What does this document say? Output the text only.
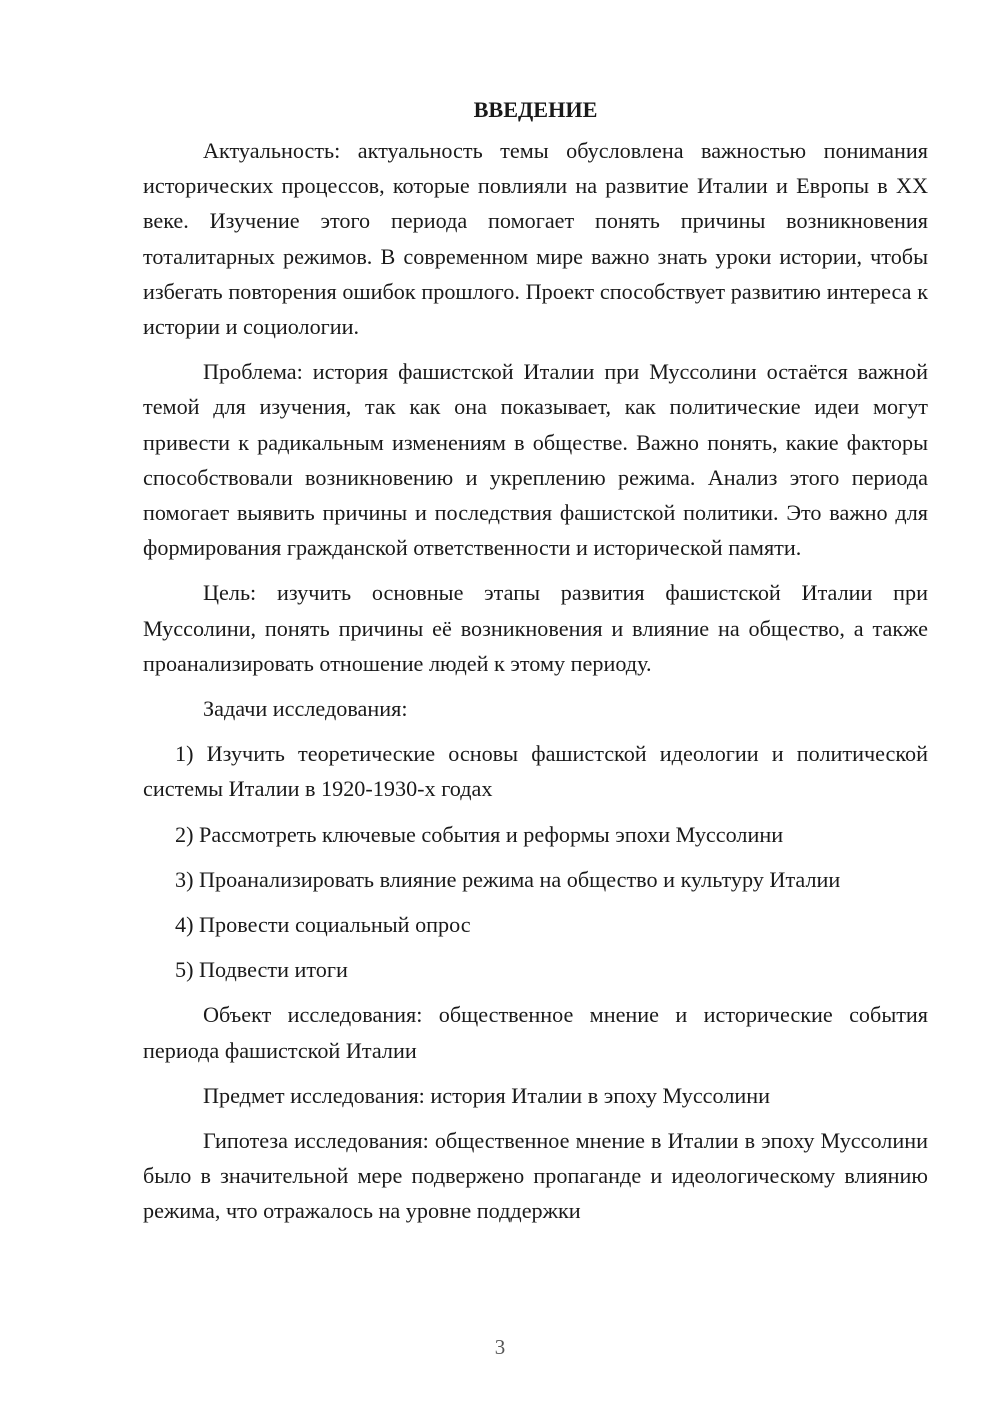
ВВЕДЕНИЕ

Актуальность: актуальность темы обусловлена важностью понимания исторических процессов, которые повлияли на развитие Италии и Европы в XX веке. Изучение этого периода помогает понять причины возникновения тоталитарных режимов. В современном мире важно знать уроки истории, чтобы избегать повторения ошибок прошлого. Проект способствует развитию интереса к истории и социологии.

Проблема: история фашистской Италии при Муссолини остаётся важной темой для изучения, так как она показывает, как политические идеи могут привести к радикальным изменениям в обществе. Важно понять, какие факторы способствовали возникновению и укреплению режима. Анализ этого периода помогает выявить причины и последствия фашистской политики. Это важно для формирования гражданской ответственности и исторической памяти.

Цель: изучить основные этапы развития фашистской Италии при Муссолини, понять причины её возникновения и влияние на общество, а также проанализировать отношение людей к этому периоду.

Задачи исследования:

1) Изучить теоретические основы фашистской идеологии и политической системы Италии в 1920-1930-х годах

2) Рассмотреть ключевые события и реформы эпохи Муссолини

3) Проанализировать влияние режима на общество и культуру Италии

4) Провести социальный опрос

5) Подвести итоги

Объект исследования: общественное мнение и исторические события периода фашистской Италии

Предмет исследования: история Италии в эпоху Муссолини

Гипотеза исследования: общественное мнение в Италии в эпоху Муссолини было в значительной мере подвержено пропаганде и идеологическому влиянию режима, что отражалось на уровне поддержки

3
